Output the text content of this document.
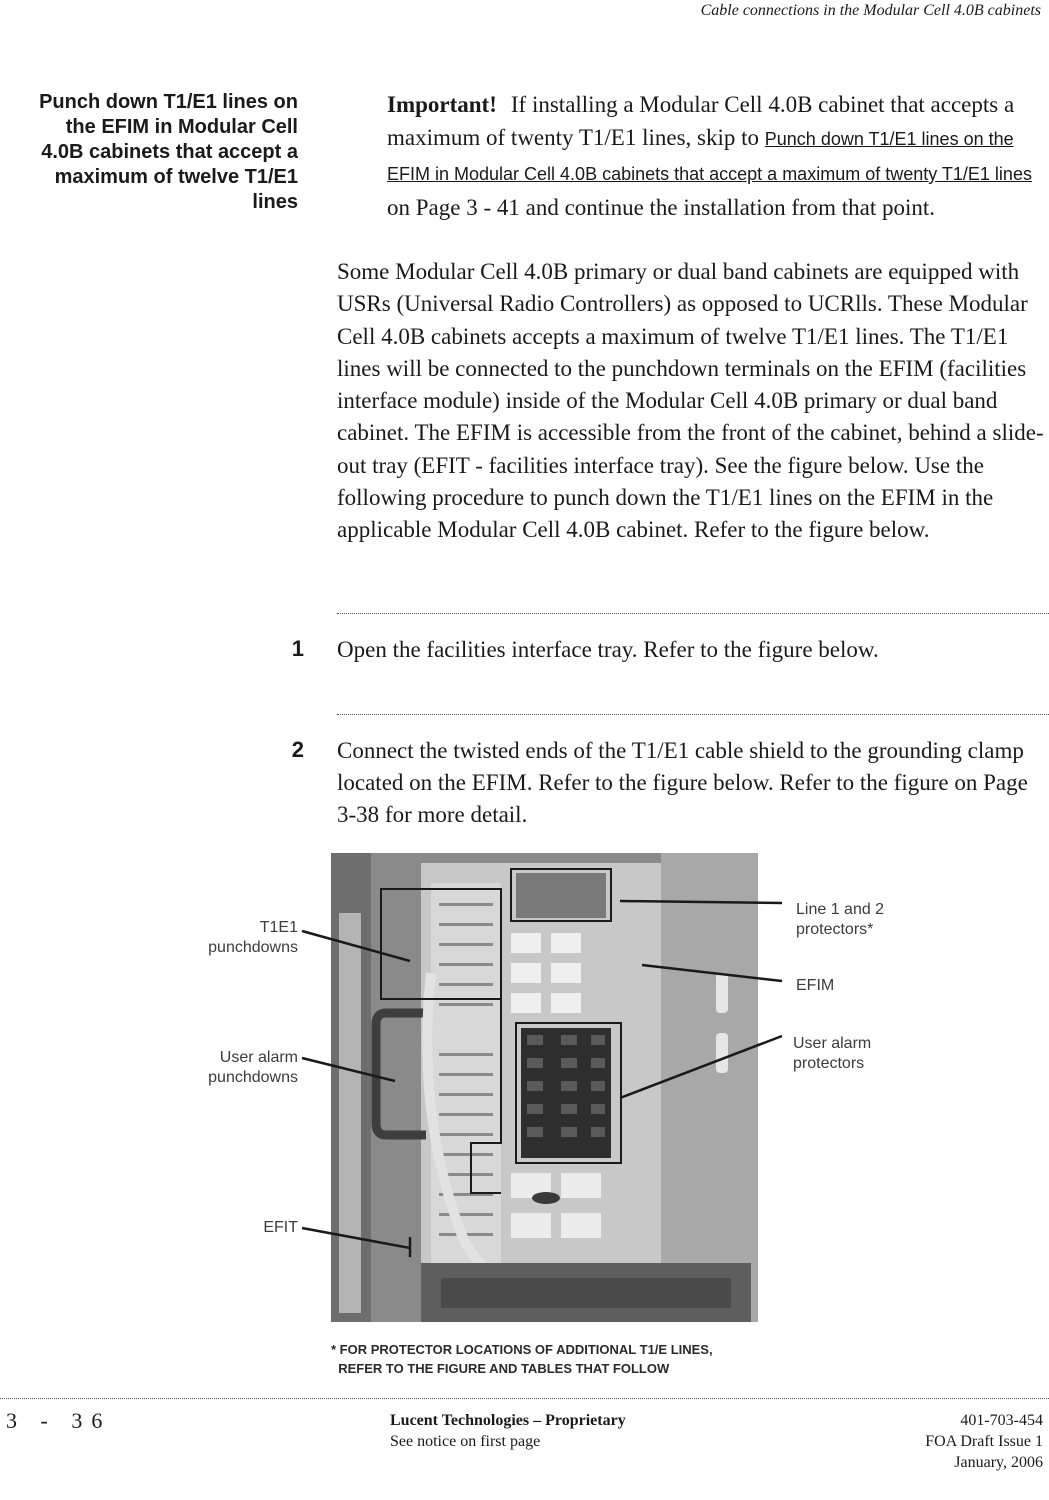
Cable connections in the Modular Cell 4.0B cabinets
Punch down T1/E1 lines on
the EFIM in Modular Cell
4.0B cabinets that accept a
maximum of twelve T1/E1
lines
Important! If installing a Modular Cell 4.0B cabinet that accepts a maximum of twenty T1/E1 lines, skip to Punch down T1/E1 lines on the EFIM in Modular Cell 4.0B cabinets that accept a maximum of twenty T1/E1 lines on Page 3 - 41 and continue the installation from that point.
Some Modular Cell 4.0B primary or dual band cabinets are equipped with USRs (Universal Radio Controllers) as opposed to UCRlls. These Modular Cell 4.0B cabinets accepts a maximum of twelve T1/E1 lines. The T1/E1 lines will be connected to the punchdown terminals on the EFIM (facilities interface module) inside of the Modular Cell 4.0B primary or dual band cabinet. The EFIM is accessible from the front of the cabinet, behind a slide-out tray (EFIT - facilities interface tray). See the figure below. Use the following procedure to punch down the T1/E1 lines on the EFIM in the applicable Modular Cell 4.0B cabinet. Refer to the figure below.
1 Open the facilities interface tray. Refer to the figure below.
2 Connect the twisted ends of the T1/E1 cable shield to the grounding clamp located on the EFIM. Refer to the figure below. Refer to the figure on Page 3-38 for more detail.
T1E1
punchdowns
User alarm
punchdowns
EFIT
Line 1 and 2
protectors*
EFIM
User alarm
protectors
* FOR PROTECTOR LOCATIONS OF ADDITIONAL T1/E LINES,
REFER TO THE FIGURE AND TABLES THAT FOLLOW
3 - 36	Lucent Technologies – Proprietary
See notice on first page
401-703-454
FOA Draft Issue 1
January, 2006
